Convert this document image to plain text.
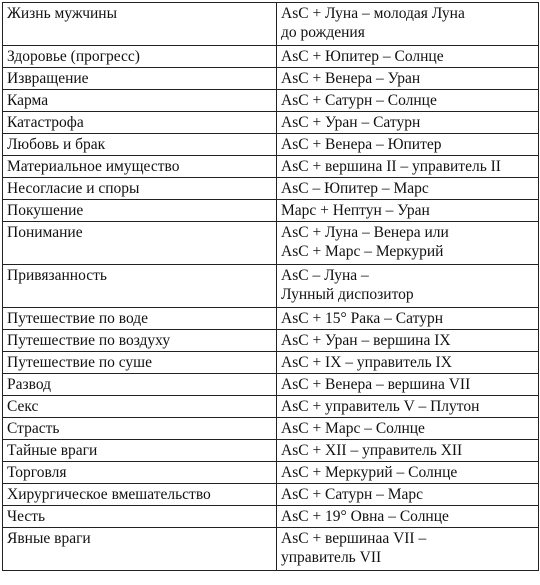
Жизнь мужчины	AsC + Луна – молодая Луна
до рождения

Здоровье (прогресс)	AsC + Юпитер – Солнце

Извращение	AsC + Венера – Уран

Карма	AsC + Сатурн – Солнце

Катастрофа	AsC + Уран – Сатурн

Любовь и брак	AsC + Венера – Юпитер

Материальное имущество	AsC + вершина II – управитель II

Несогласие и споры	AsC – Юпитер – Марс

Покушение	Марс + Нептун – Уран

Понимание	AsC + Луна – Венера или
AsC + Марс – Меркурий

Привязанность	AsC – Луна –
Лунный диспозитор

Путешествие по воде	AsC + 15° Рака – Сатурн

Путешествие по воздуху	AsC + Уран – вершина IX

Путешествие по суше	AsC + IX – управитель IX

Развод	AsC + Венера – вершина VII

Секс	AsC + управитель V – Плутон

Страсть	AsC + Марс – Солнце

Тайные враги	AsC + XII – управитель XII

Торговля	AsC + Меркурий – Солнце

Хирургическое вмешательство	AsC + Сатурн – Марс

Честь	AsC + 19° Овна – Солнце

Явные враги	AsC + вершинаа VII –
управитель VII
